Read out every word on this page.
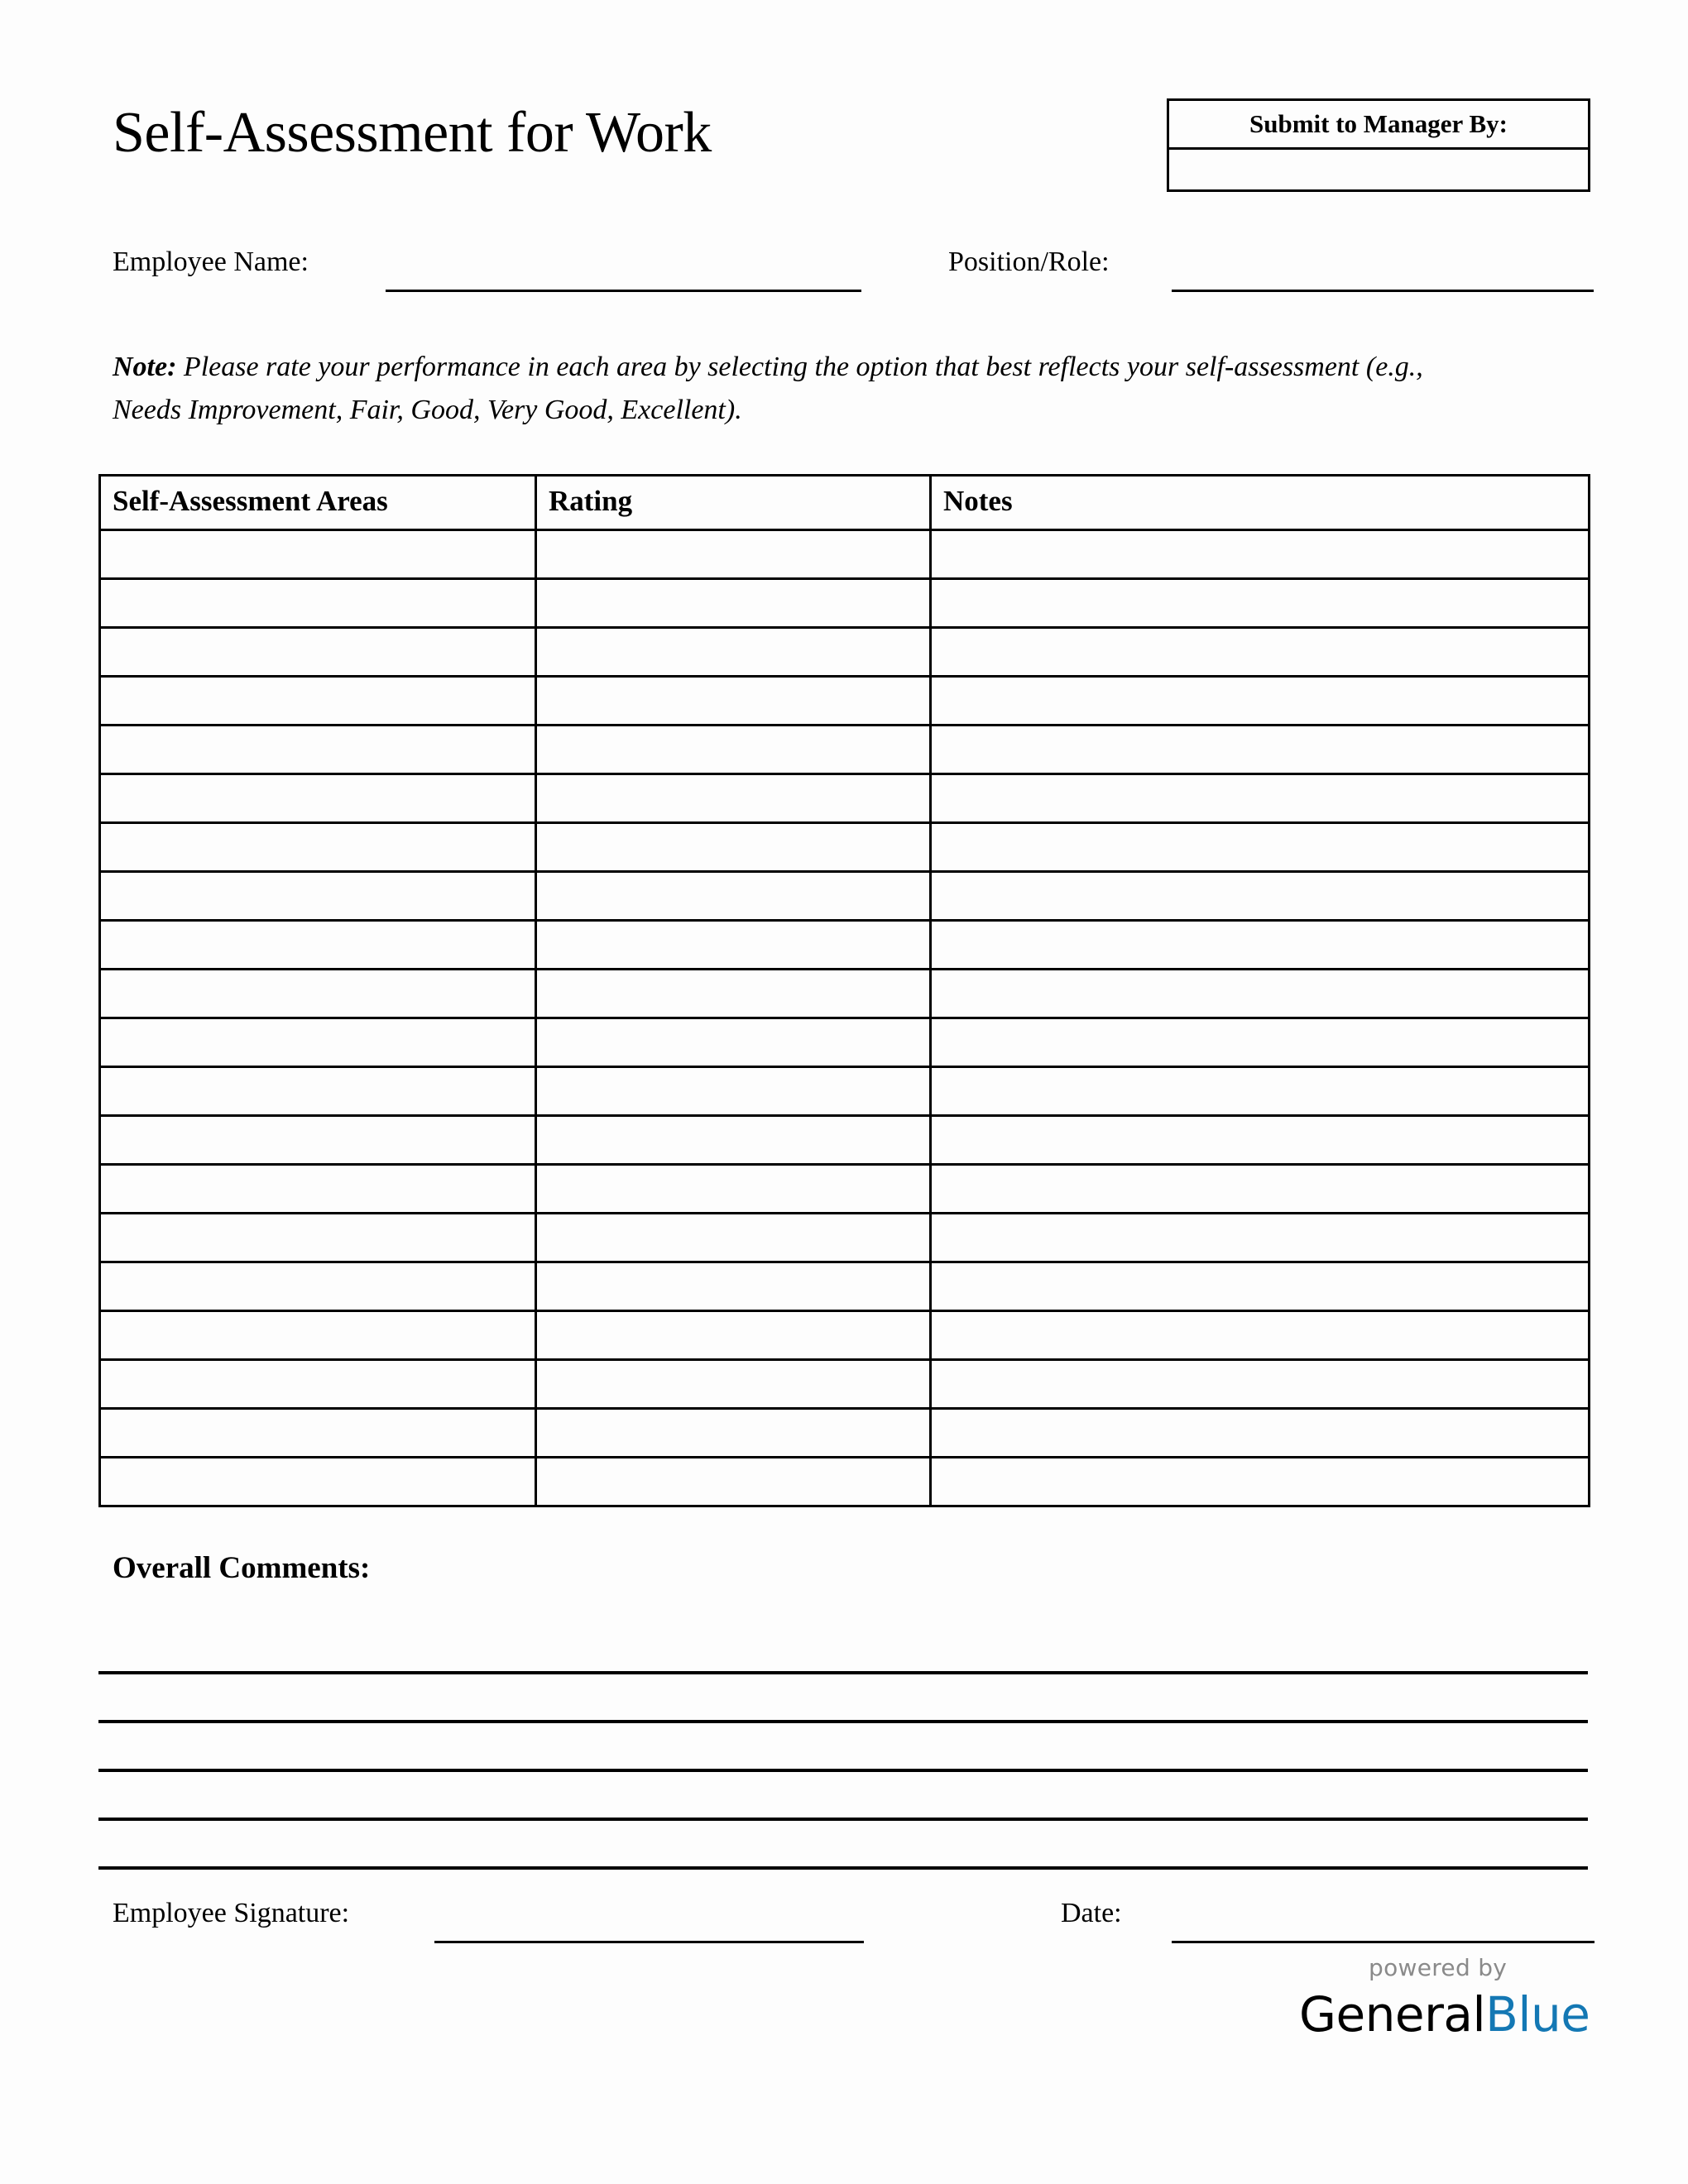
Self-Assessment for Work	Submit to Manager By:
Employee Name:	Position/Role:
Note: Please rate your performance in each area by selecting the option that best reflects your self-assessment (e.g., Needs Improvement, Fair, Good, Very Good, Excellent).
Self-Assessment Areas	Rating	Notes

Overall Comments:
Employee Signature:	Date:
powered by
GeneralBlue
